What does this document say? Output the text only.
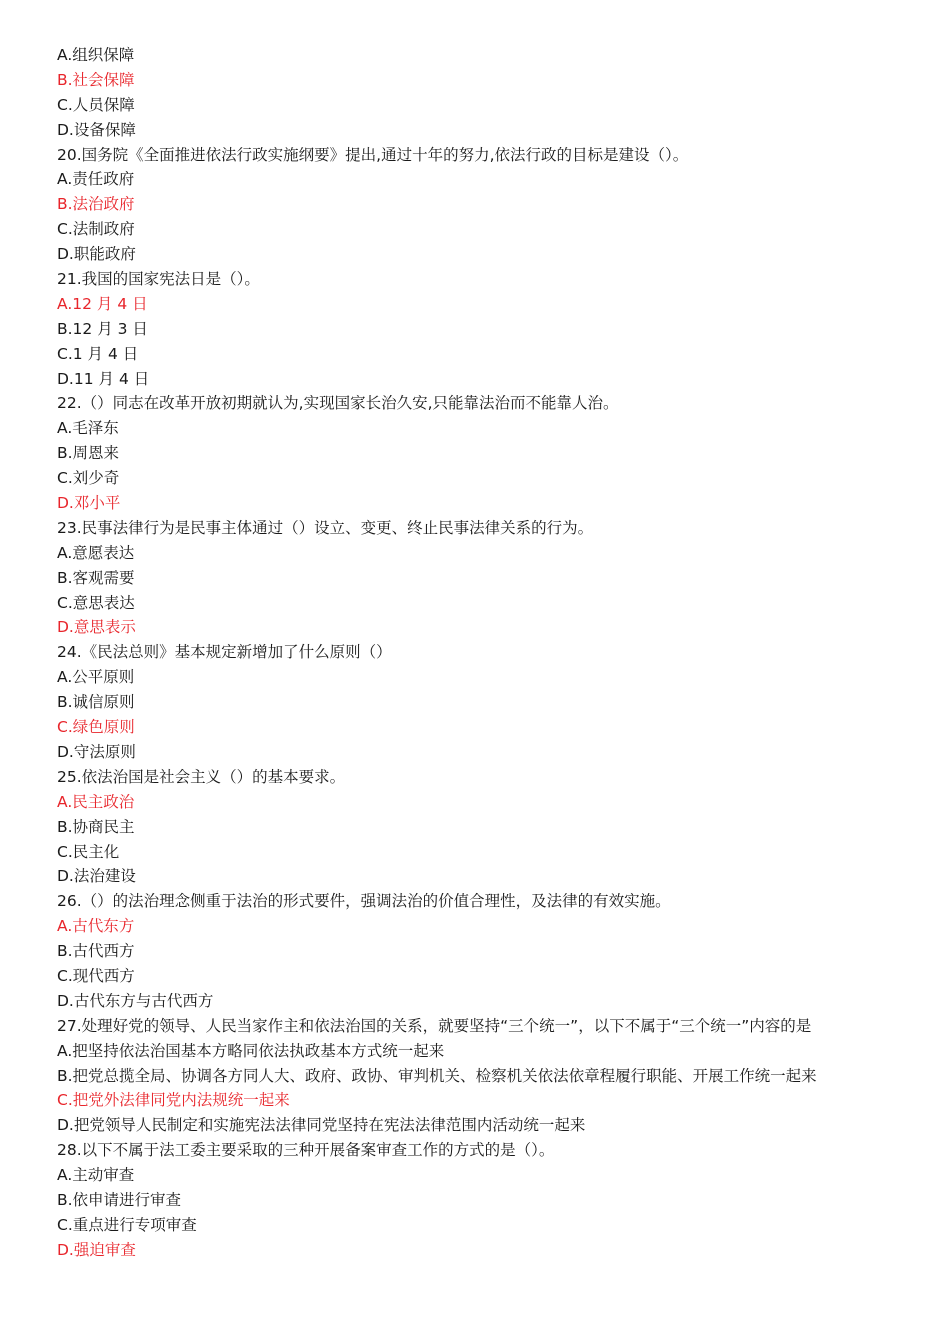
A.组织保障
B.社会保障
C.人员保障
D.设备保障
20.国务院《全面推进依法行政实施纲要》提出,通过十年的努力,依法行政的目标是建设（）。
A.责任政府
B.法治政府
C.法制政府
D.职能政府
21.我国的国家宪法日是（）。
A.12 月 4 日
B.12 月 3 日
C.1 月 4 日
D.11 月 4 日
22.（）同志在改革开放初期就认为,实现国家长治久安,只能靠法治而不能靠人治。
A.毛泽东
B.周恩来
C.刘少奇
D.邓小平
23.民事法律行为是民事主体通过（）设立、变更、终止民事法律关系的行为。
A.意愿表达
B.客观需要
C.意思表达
D.意思表示
24.《民法总则》基本规定新增加了什么原则（）
A.公平原则
B.诚信原则
C.绿色原则
D.守法原则
25.依法治国是社会主义（）的基本要求。
A.民主政治
B.协商民主
C.民主化
D.法治建设
26.（）的法治理念侧重于法治的形式要件，强调法治的价值合理性，及法律的有效实施。
A.古代东方
B.古代西方
C.现代西方
D.古代东方与古代西方
27.处理好党的领导、人民当家作主和依法治国的关系，就要坚持“三个统一”，以下不属于“三个统一”内容的是
A.把坚持依法治国基本方略同依法执政基本方式统一起来
B.把党总揽全局、协调各方同人大、政府、政协、审判机关、检察机关依法依章程履行职能、开展工作统一起来
C.把党外法律同党内法规统一起来
D.把党领导人民制定和实施宪法法律同党坚持在宪法法律范围内活动统一起来
28.以下不属于法工委主要采取的三种开展备案审查工作的方式的是（）。
A.主动审查
B.依申请进行审查
C.重点进行专项审查
D.强迫审查
